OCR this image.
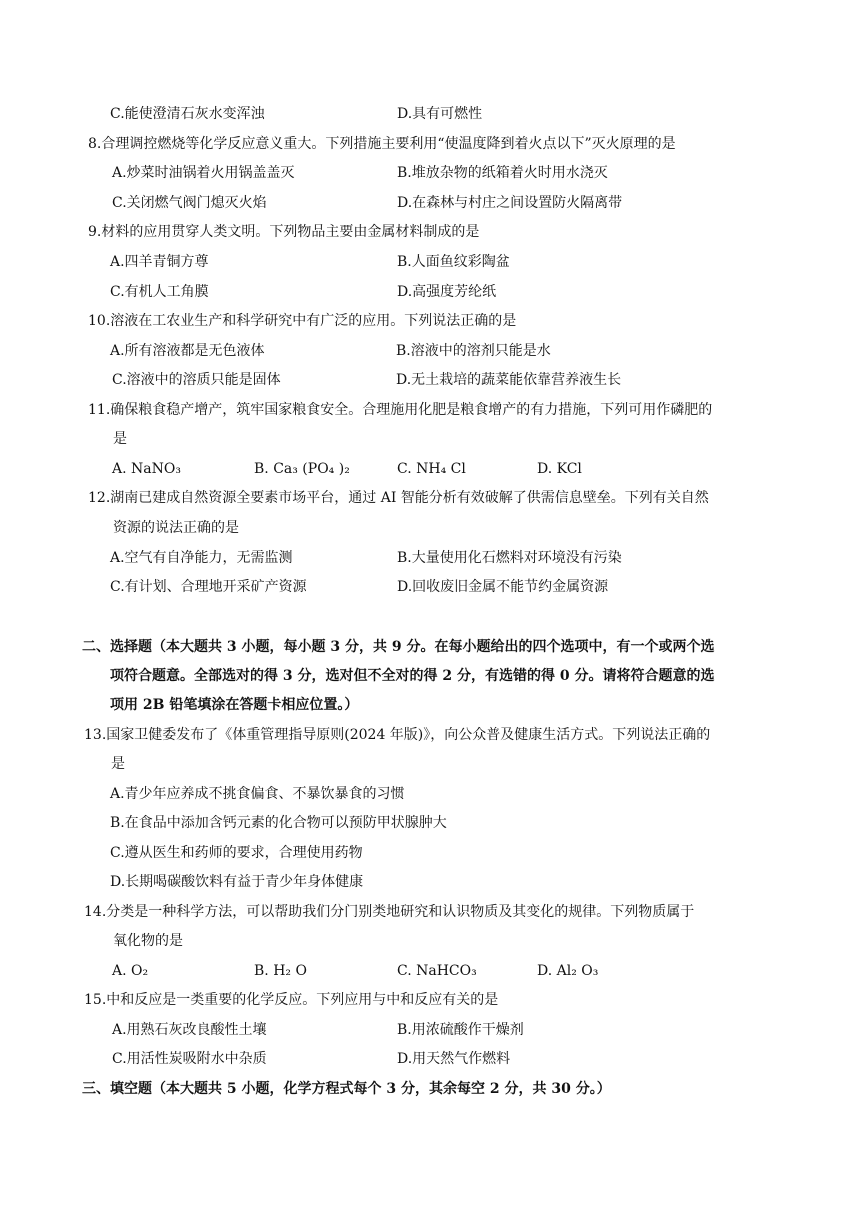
C.能使澄清石灰水变浑浊	D.具有可燃性
8.合理调控燃烧等化学反应意义重大。下列措施主要利用“使温度降到着火点以下”灭火原理的是
A.炒菜时油锅着火用锅盖盖灭	B.堆放杂物的纸箱着火时用水浇灭
C.关闭燃气阀门熄灭火焰	D.在森林与村庄之间设置防火隔离带
9.材料的应用贯穿人类文明。下列物品主要由金属材料制成的是
A.四羊青铜方尊	B.人面鱼纹彩陶盆
C.有机人工角膜	D.高强度芳纶纸
10.溶液在工农业生产和科学研究中有广泛的应用。下列说法正确的是
A.所有溶液都是无色液体	B.溶液中的溶剂只能是水
C.溶液中的溶质只能是固体	D.无土栽培的蔬菜能依靠营养液生长
11.确保粮食稳产增产，筑牢国家粮食安全。合理施用化肥是粮食增产的有力措施，下列可用作磷肥的
是
A. NaNO₃	B. Ca₃ (PO₄ )₂	C. NH₄ Cl	D. KCl
12.湖南已建成自然资源全要素市场平台，通过 AI 智能分析有效破解了供需信息壁垒。下列有关自然
资源的说法正确的是
A.空气有自净能力，无需监测	B.大量使用化石燃料对环境没有污染
C.有计划、合理地开采矿产资源	D.回收废旧金属不能节约金属资源
二、选择题（本大题共 3 小题，每小题 3 分，共 9 分。在每小题给出的四个选项中，有一个或两个选
项符合题意。全部选对的得 3 分，选对但不全对的得 2 分，有选错的得 0 分。请将符合题意的选
项用 2B 铅笔填涂在答题卡相应位置。）
13.国家卫健委发布了《体重管理指导原则(2024 年版)》，向公众普及健康生活方式。下列说法正确的
是
A.青少年应养成不挑食偏食、不暴饮暴食的习惯
B.在食品中添加含钙元素的化合物可以预防甲状腺肿大
C.遵从医生和药师的要求，合理使用药物
D.长期喝碳酸饮料有益于青少年身体健康
14.分类是一种科学方法，可以帮助我们分门别类地研究和认识物质及其变化的规律。下列物质属于
氧化物的是
A. O₂	B. H₂ O	C. NaHCO₃	D. Al₂ O₃
15.中和反应是一类重要的化学反应。下列应用与中和反应有关的是
A.用熟石灰改良酸性土壤	B.用浓硫酸作干燥剂
C.用活性炭吸附水中杂质	D.用天然气作燃料
三、填空题（本大题共 5 小题，化学方程式每个 3 分，其余每空 2 分，共 30 分。）
